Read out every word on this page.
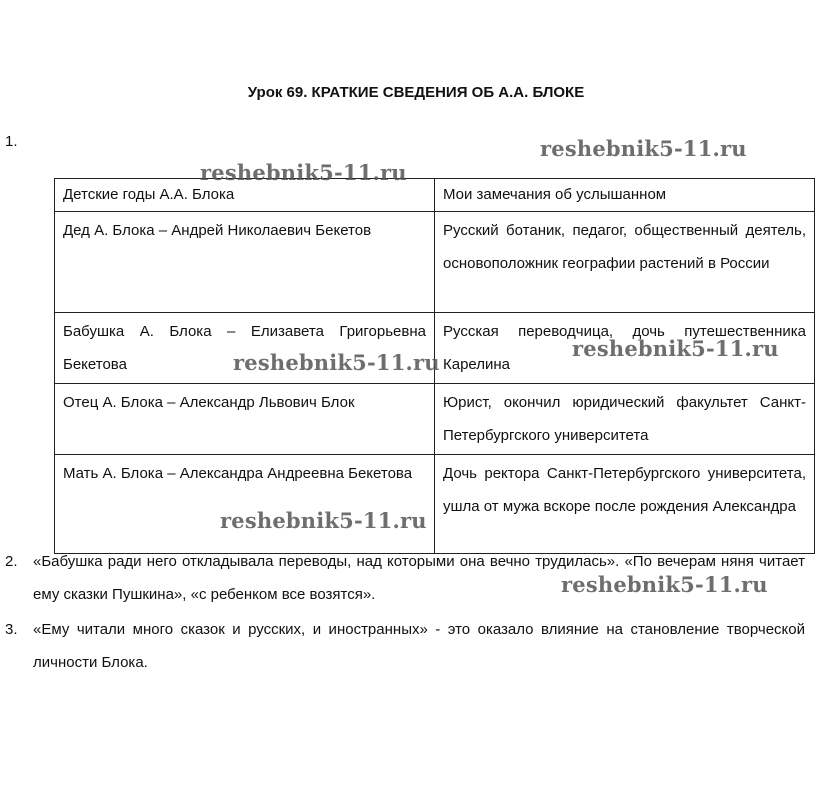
Урок 69. КРАТКИЕ СВЕДЕНИЯ ОБ А.А. БЛОКЕ
1.
Детские годы А.А. Блока	Мои замечания об услышанном
Дед А. Блока – Андрей Николаевич Бекетов	Русский ботаник, педагог, общественный деятель, основоположник географии растений в России
Бабушка А. Блока – Елизавета Григорьевна Бекетова	Русская переводчица, дочь путешественника Карелина
Отец А. Блока – Александр Львович Блок	Юрист, окончил юридический факультет Санкт-Петербургского университета
Мать А. Блока – Александра Андреевна Бекетова	Дочь ректора Санкт-Петербургского университета, ушла от мужа вскоре после рождения Александра
2. «Бабушка ради него откладывала переводы, над которыми она вечно трудилась». «По вечерам няня читает ему сказки Пушкина», «с ребенком все возятся».
3. «Ему читали много сказок и русских, и иностранных» - это оказало влияние на становление творческой личности Блока.
reshebnik5-11.ru
reshebnik5-11.ru
reshebnik5-11.ru
reshebnik5-11.ru
reshebnik5-11.ru
reshebnik5-11.ru
